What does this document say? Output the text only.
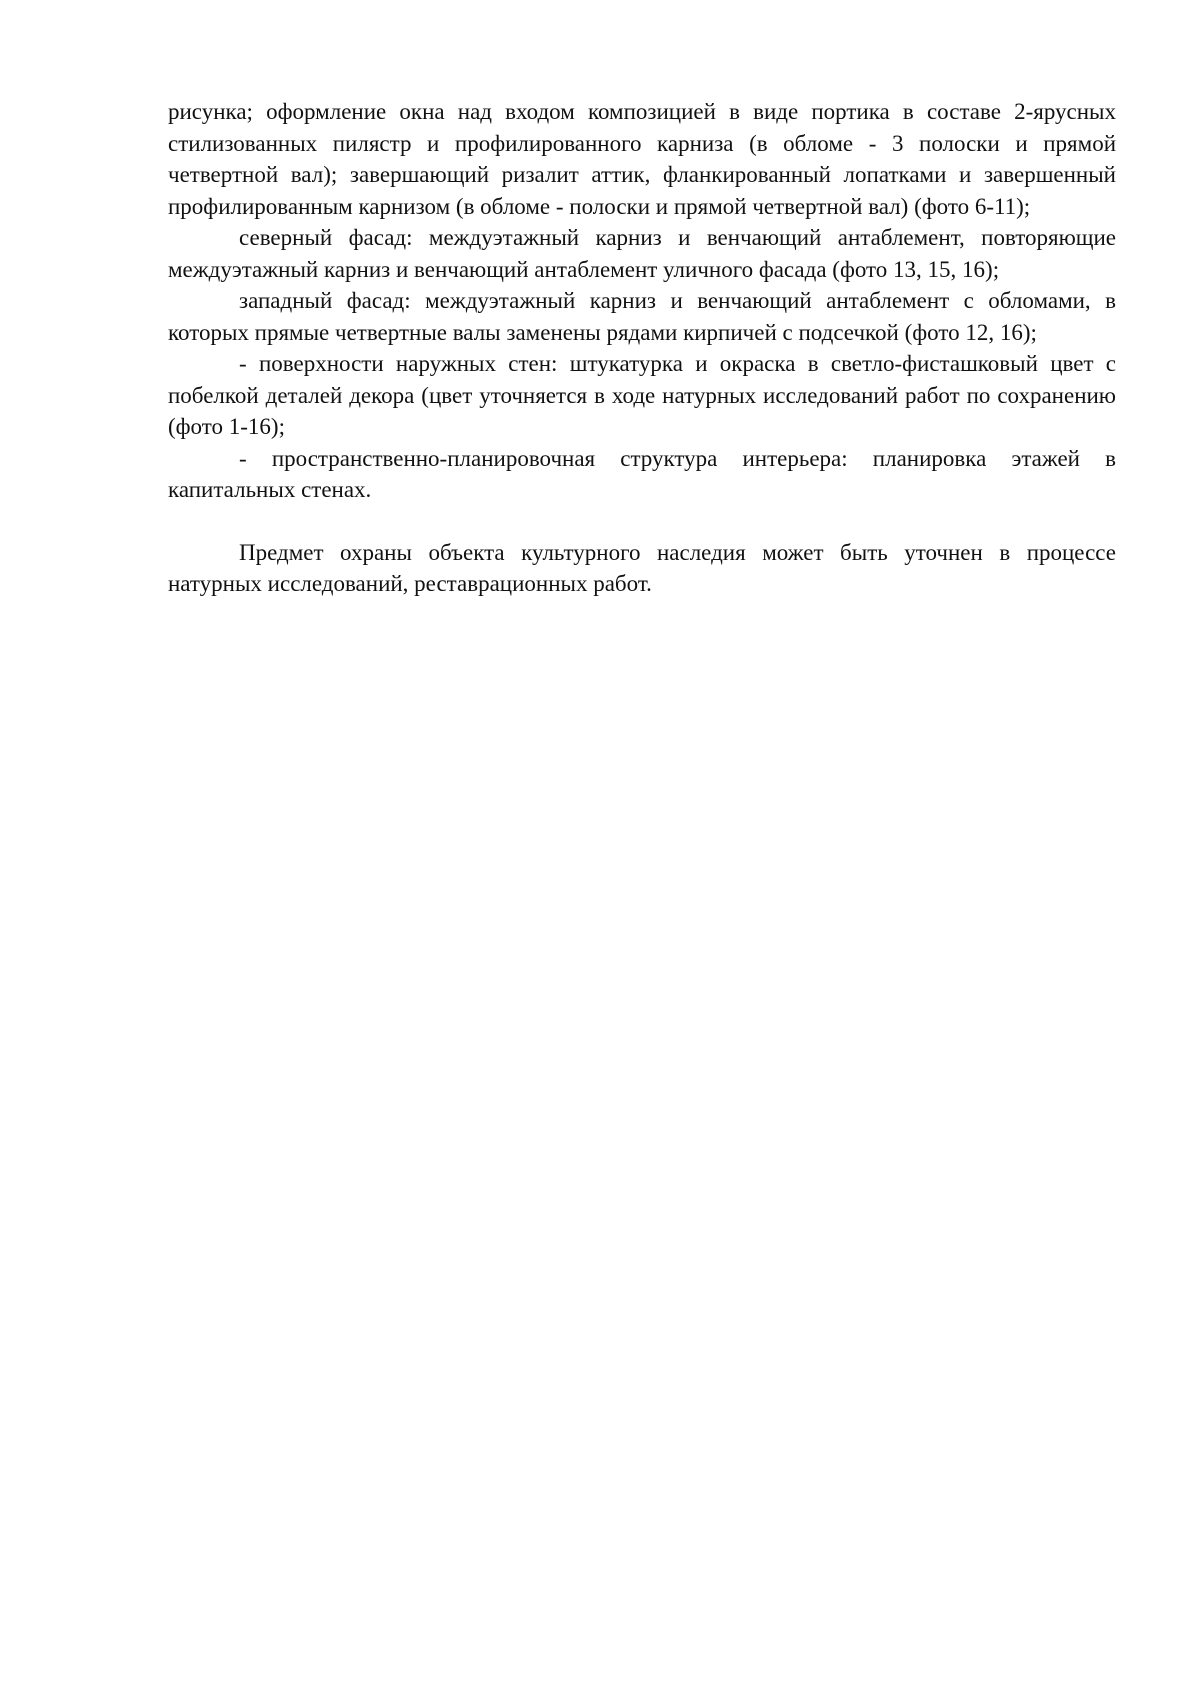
рисунка; оформление окна над входом композицией в виде портика в составе 2-ярусных стилизованных пилястр и профилированного карниза (в обломе - 3 полоски и прямой четвертной вал); завершающий ризалит аттик, фланкированный лопатками и завершенный профилированным карнизом (в обломе - полоски и прямой четвертной вал) (фото 6-11);

северный фасад: междуэтажный карниз и венчающий антаблемент, повторяющие междуэтажный карниз и венчающий антаблемент уличного фасада (фото 13, 15, 16);

западный фасад: междуэтажный карниз и венчающий антаблемент с обломами, в которых прямые четвертные валы заменены рядами кирпичей с подсечкой (фото 12, 16);

- поверхности наружных стен: штукатурка и окраска в светло-фисташковый цвет с побелкой деталей декора (цвет уточняется в ходе натурных исследований работ по сохранению (фото 1-16);

- пространственно-планировочная структура интерьера: планировка этажей в капитальных стенах.

Предмет охраны объекта культурного наследия может быть уточнен в процессе натурных исследований, реставрационных работ.
